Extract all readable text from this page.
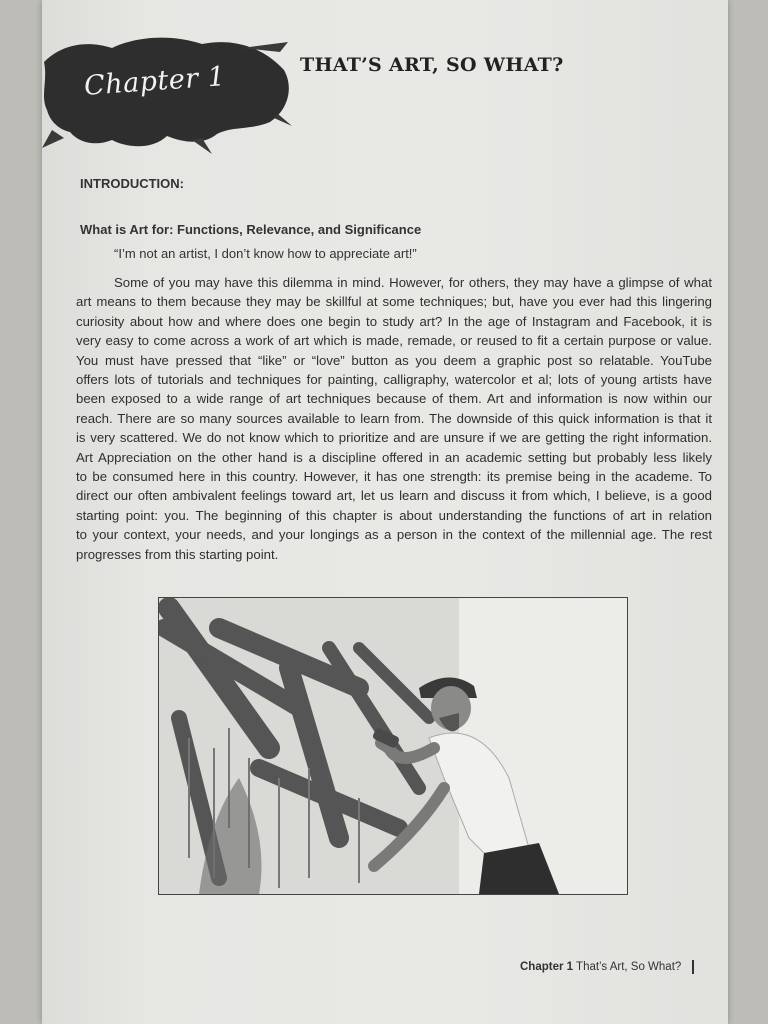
Chapter 1	THAT’S ART, SO WHAT?
INTRODUCTION:
What is Art for: Functions, Relevance, and Significance
“I’m not an artist, I don’t know how to appreciate art!”
Some of you may have this dilemma in mind. However, for others, they may have a glimpse of what
art means to them because they may be skillful at some techniques; but, have you ever had this lingering
curiosity about how and where does one begin to study art? In the age of Instagram and Facebook, it is
very easy to come across a work of art which is made, remade, or reused to fit a certain purpose or value.
You must have pressed that “like” or “love” button as you deem a graphic post so relatable. YouTube
offers lots of tutorials and techniques for painting, calligraphy, watercolor et al; lots of young artists have
been exposed to a wide range of art techniques because of them. Art and information is now within our
reach. There are so many sources available to learn from. The downside of this quick information is that it
is very scattered. We do not know which to prioritize and are unsure if we are getting the right information.
Art Appreciation on the other hand is a discipline offered in an academic setting but probably less likely
to be consumed here in this country. However, it has one strength: its premise being in the academe. To
direct our often ambivalent feelings toward art, let us learn and discuss it from which, I believe, is a good
starting point: you. The beginning of this chapter is about understanding the functions of art in relation
to your context, your needs, and your longings as a person in the context of the millennial age. The rest
progresses from this starting point.
Chapter 1 That’s Art, So What?
